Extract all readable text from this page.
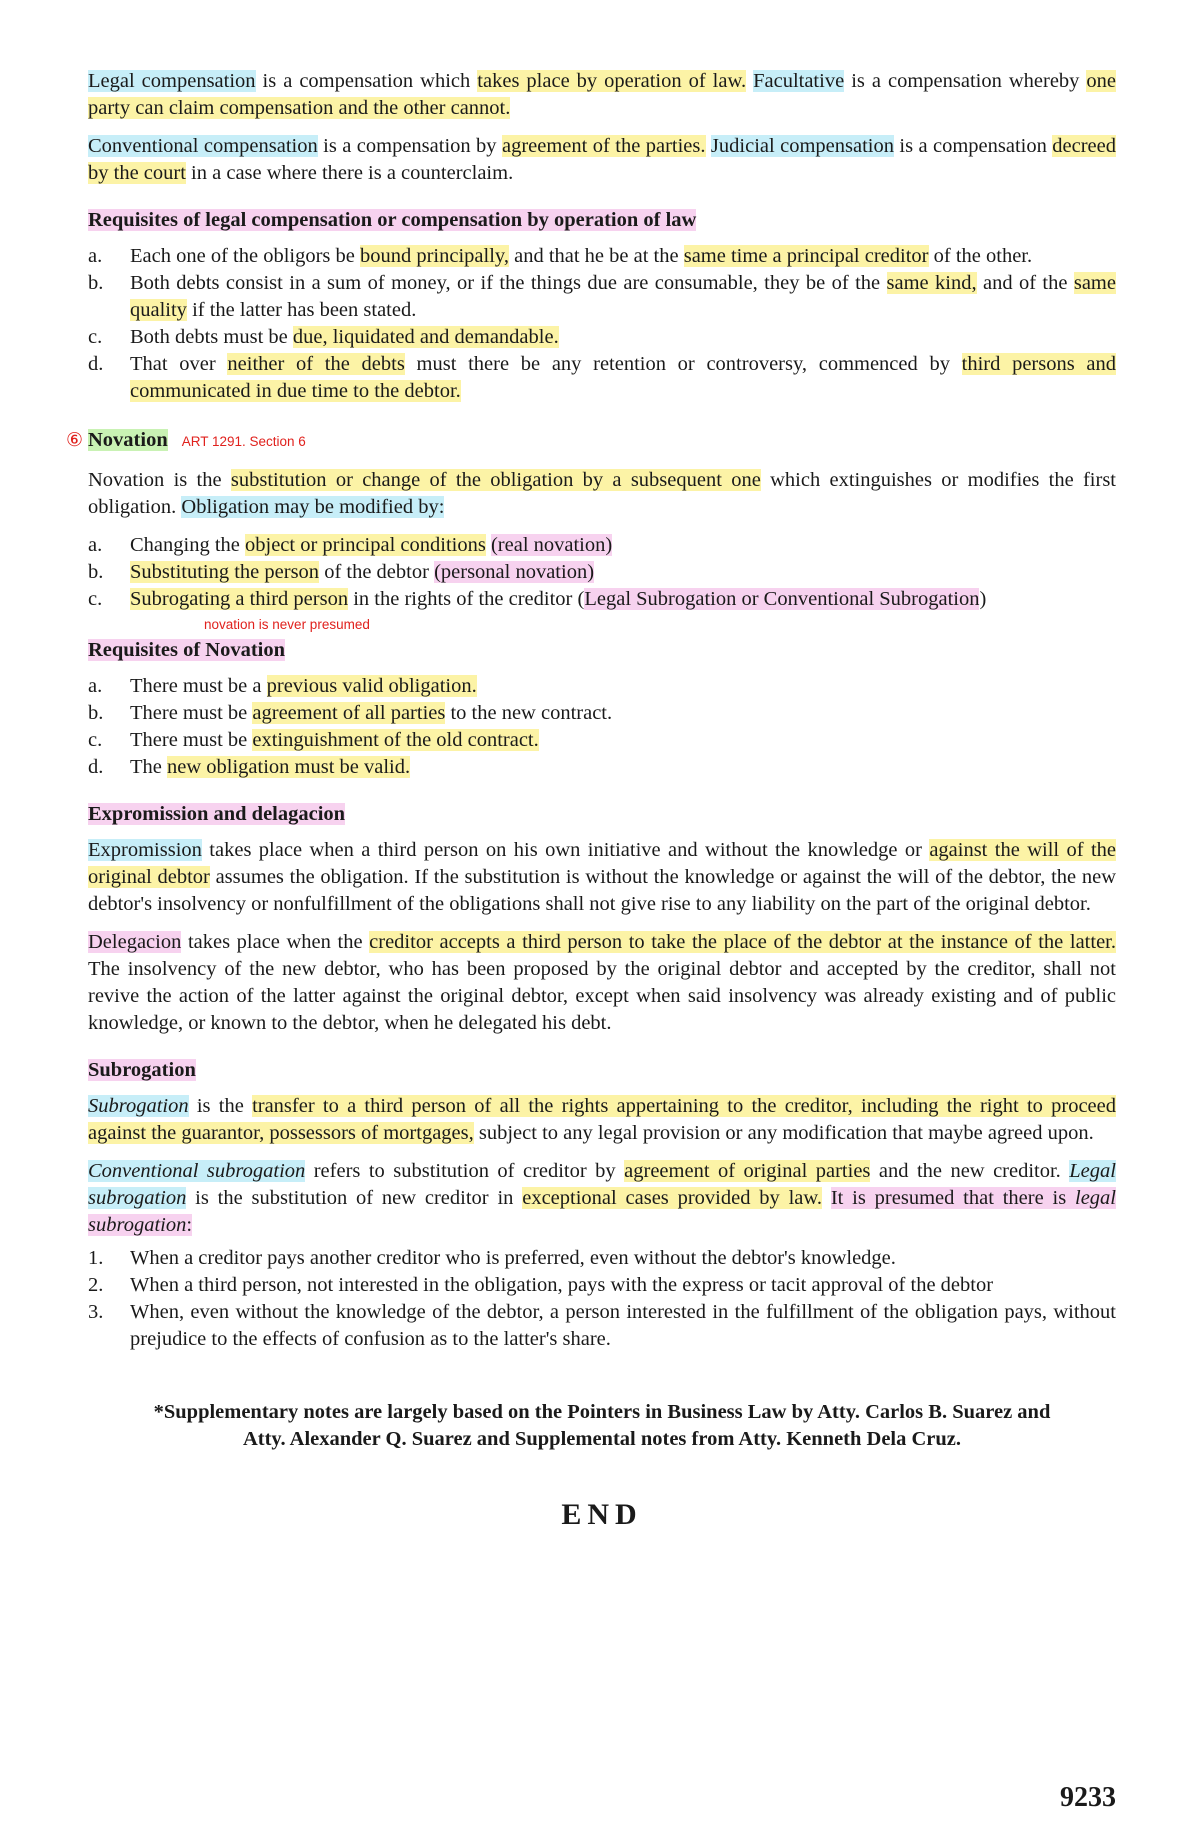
Legal compensation is a compensation which takes place by operation of law. Facultative is a compensation whereby one party can claim compensation and the other cannot.

Conventional compensation is a compensation by agreement of the parties. Judicial compensation is a compensation decreed by the court in a case where there is a counterclaim.

Requisites of legal compensation or compensation by operation of law
a. Each one of the obligors be bound principally, and that he be at the same time a principal creditor of the other.
b. Both debts consist in a sum of money, or if the things due are consumable, they be of the same kind, and of the same quality if the latter has been stated.
c. Both debts must be due, liquidated and demandable.
d. That over neither of the debts must there be any retention or controversy, commenced by third persons and communicated in due time to the debtor.
⑥ Novation ART 1291. Section 6

Novation is the substitution or change of the obligation by a subsequent one which extinguishes or modifies the first obligation. Obligation may be modified by:

a. Changing the object or principal conditions (real novation)
b. Substituting the person of the debtor (personal novation)
c. Subrogating a third person in the rights of the creditor (Legal Subrogation or Conventional Subrogation)
novation is never presumed
Requisites of Novation
a. There must be a previous valid obligation.
b. There must be agreement of all parties to the new contract.
c. There must be extinguishment of the old contract.
d. The new obligation must be valid.
Expromission and delagacion

Expromission takes place when a third person on his own initiative and without the knowledge or against the will of the original debtor assumes the obligation. If the substitution is without the knowledge or against the will of the debtor, the new debtor's insolvency or nonfulfillment of the obligations shall not give rise to any liability on the part of the original debtor.

Delegacion takes place when the creditor accepts a third person to take the place of the debtor at the instance of the latter. The insolvency of the new debtor, who has been proposed by the original debtor and accepted by the creditor, shall not revive the action of the latter against the original debtor, except when said insolvency was already existing and of public knowledge, or known to the debtor, when he delegated his debt.

Subrogation

Subrogation is the transfer to a third person of all the rights appertaining to the creditor, including the right to proceed against the guarantor, possessors of mortgages, subject to any legal provision or any modification that maybe agreed upon.

Conventional subrogation refers to substitution of creditor by agreement of original parties and the new creditor. Legal subrogation is the substitution of new creditor in exceptional cases provided by law. It is presumed that there is legal subrogation:

1. When a creditor pays another creditor who is preferred, even without the debtor's knowledge.
2. When a third person, not interested in the obligation, pays with the express or tacit approval of the debtor
3. When, even without the knowledge of the debtor, a person interested in the fulfillment of the obligation pays, without prejudice to the effects of confusion as to the latter's share.
*Supplementary notes are largely based on the Pointers in Business Law by Atty. Carlos B. Suarez and
Atty. Alexander Q. Suarez and Supplemental notes from Atty. Kenneth Dela Cruz.
END
9233
